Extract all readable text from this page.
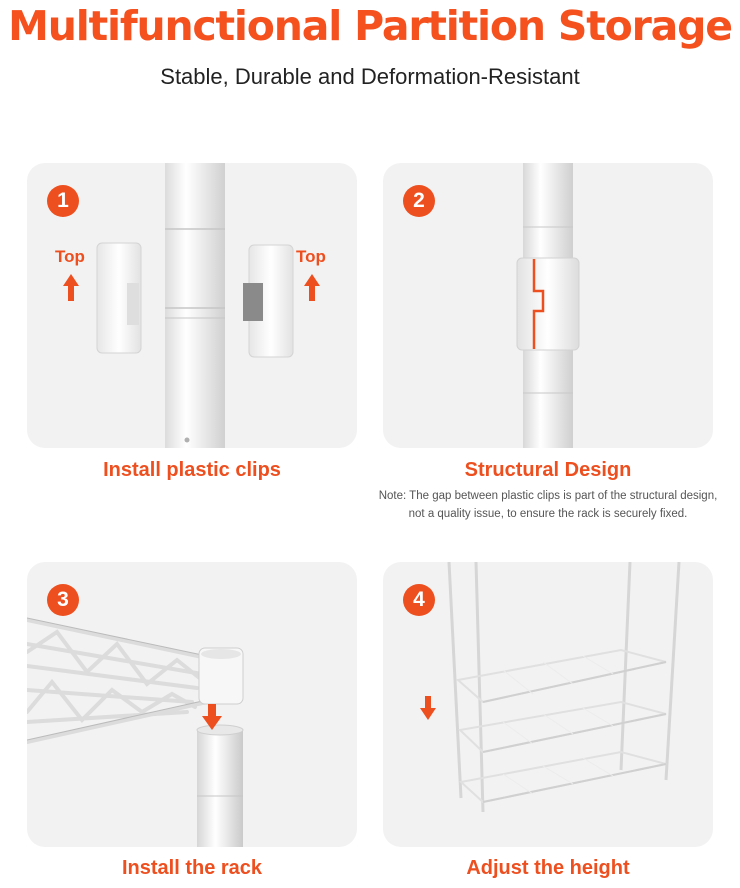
Multifunctional Partition Storage
Stable, Durable and Deformation-Resistant
1
Top	Top
Install plastic clips
2
Structural Design
Note: The gap between plastic clips is part of the structural design,
not a quality issue, to ensure the rack is securely fixed.
3
Install the rack
4
Adjust the height
